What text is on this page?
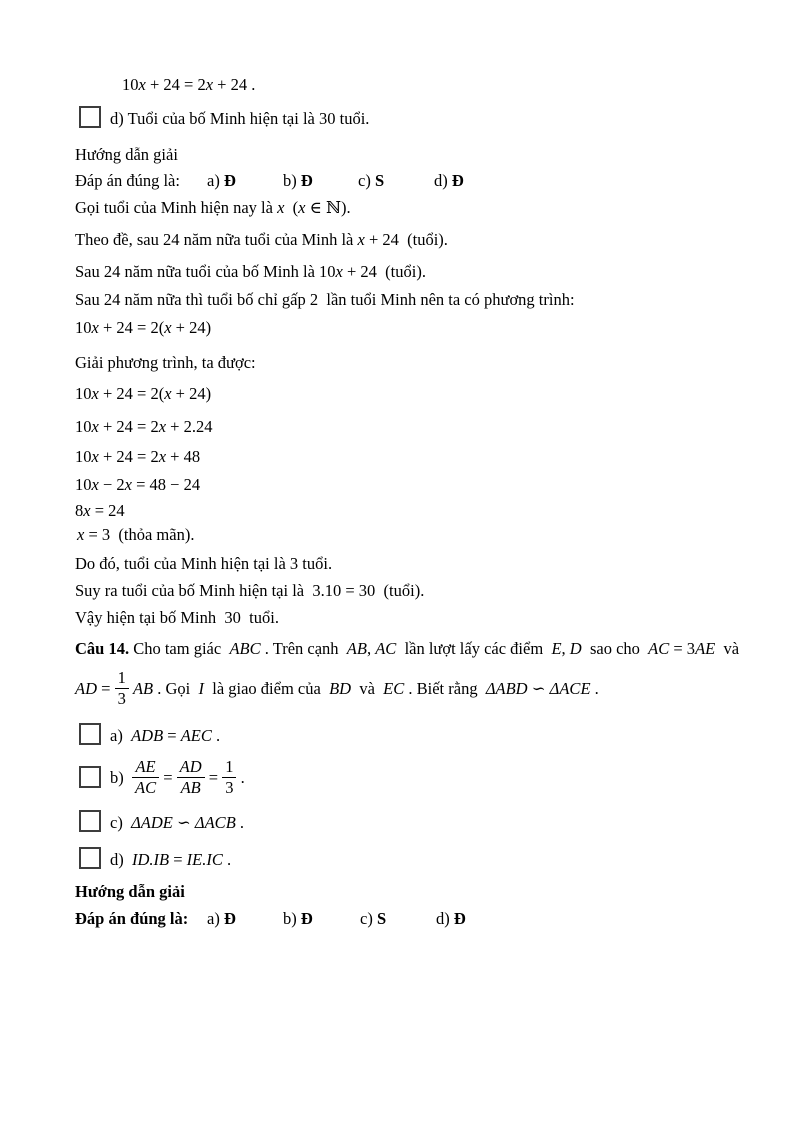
10x + 24 = 2x + 24 .
d) Tuổi của bố Minh hiện tại là 30 tuổi.
Hướng dẫn giải
Đáp án đúng là: a) Đ	b) Đ	c) S	d) Đ
Gọi tuổi của Minh hiện nay là x  (x ∈ ℕ).
Theo đề, sau 24 năm nữa tuổi của Minh là x + 24  (tuổi).
Sau 24 năm nữa tuổi của bố Minh là 10x + 24  (tuổi).
Sau 24 năm nữa thì tuổi bố chỉ gấp 2  lần tuổi Minh nên ta có phương trình:
10x + 24 = 2(x + 24)
Giải phương trình, ta được:
10x + 24 = 2(x + 24)
10x + 24 = 2x + 2.24
10x + 24 = 2x + 48
10x − 2x = 48 − 24
8x = 24
x = 3  (thỏa mãn).
Do đó, tuổi của Minh hiện tại là 3 tuổi.
Suy ra tuổi của bố Minh hiện tại là  3.10 = 30  (tuổi).
Vậy hiện tại bố Minh  30  tuổi.
Câu 14. Cho tam giác  ABC . Trên cạnh  AB, AC  lần lượt lấy các điểm  E, D  sao cho  AC = 3AE  và
AD = $\frac{1}{3}$
AB . Gọi I là giao điểm của BD và EC . Biết rằng ΔABD ∽ ΔACE .
a)  ADB = AEC .
$b) \frac{AE}{AC} = \frac{AD}{AB} = \frac{1}{3}$ .
c)  ΔADE ∽ ΔACB .
d)  ID.IB = IE.IC .
Hướng dẫn giải
Đáp án đúng là: a) Đ	b) Đ	c) S	d) Đ
